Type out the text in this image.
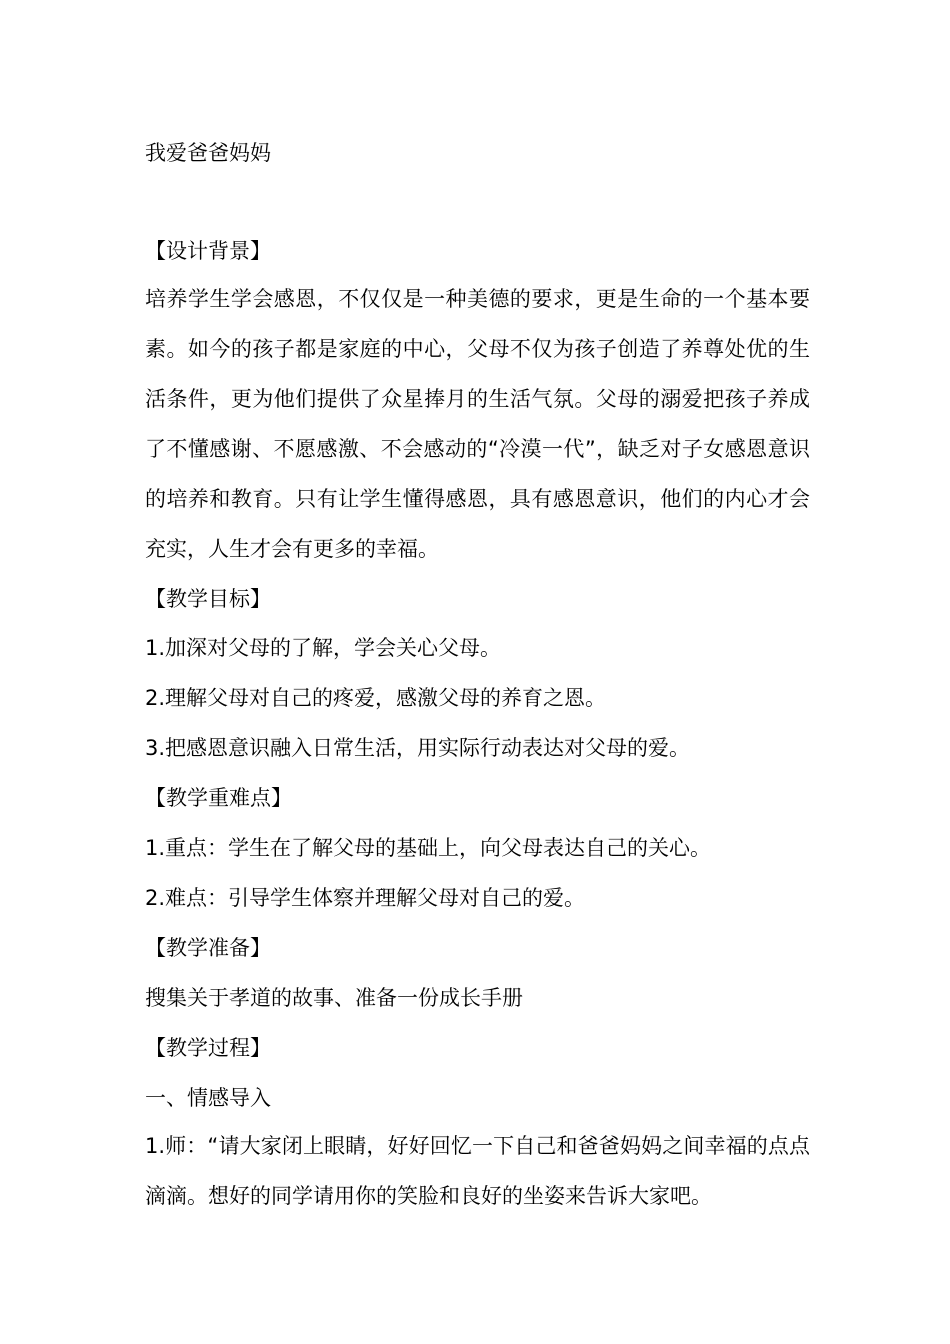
我爱爸爸妈妈
【设计背景】
培养学生学会感恩，不仅仅是一种美德的要求，更是生命的一个基本要素。如今的孩子都是家庭的中心，父母不仅为孩子创造了养尊处优的生活条件，更为他们提供了众星捧月的生活气氛。父母的溺爱把孩子养成了不懂感谢、不愿感激、不会感动的“冷漠一代”，缺乏对子女感恩意识的培养和教育。只有让学生懂得感恩，具有感恩意识，他们的内心才会充实，人生才会有更多的幸福。
【教学目标】
1.加深对父母的了解，学会关心父母。
2.理解父母对自己的疼爱，感激父母的养育之恩。
3.把感恩意识融入日常生活，用实际行动表达对父母的爱。
【教学重难点】
1.重点：学生在了解父母的基础上，向父母表达自己的关心。
2.难点：引导学生体察并理解父母对自己的爱。
【教学准备】
搜集关于孝道的故事、准备一份成长手册
【教学过程】
一、情感导入
1.师：“请大家闭上眼睛，好好回忆一下自己和爸爸妈妈之间幸福的点点滴滴。想好的同学请用你的笑脸和良好的坐姿来告诉大家吧。
